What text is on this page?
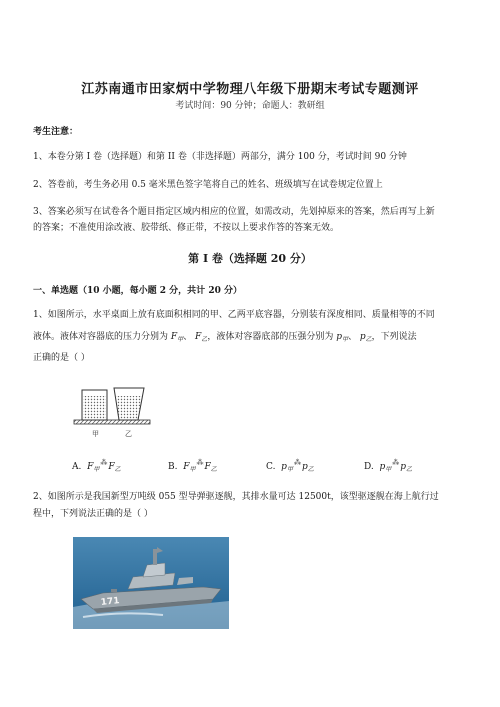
江苏南通市田家炳中学物理八年级下册期末考试专题测评
考试时间：90 分钟；命题人：教研组
考生注意：
1、本卷分第 I 卷（选择题）和第 II 卷（非选择题）两部分，满分 100 分，考试时间 90 分钟
2、答卷前，考生务必用 0.5 毫米黑色签字笔将自己的姓名、班级填写在试卷规定位置上
3、答案必须写在试卷各个题目指定区域内相应的位置，如需改动，先划掉原来的答案，然后再写上新
的答案；不准使用涂改液、胶带纸、修正带，不按以上要求作答的答案无效。
第 I 卷（选择题 20 分）
一、单选题（10 小题，每小题 2 分，共计 20 分）
1、如图所示，水平桌面上放有底面积相同的甲、乙两平底容器，分别装有深度相同、质量相等的不同
液体。液体对容器底的压力分别为 $F_甲$、 $F_乙$，液体对容器底部的压强分别为 $p_甲$、 $p_乙$，下列说法
正确的是（ ）
甲	乙
A. $F_甲^⁂F_乙$	B. $F_甲^⁂F_乙$	C. $p_甲^⁂p_乙$	D. $p_甲^⁂p_乙$
2、如图所示是我国新型万吨级 055 型导弹驱逐舰，其排水量可达 12500t，该型驱逐舰在海上航行过
程中，下列说法正确的是（ ）
171
